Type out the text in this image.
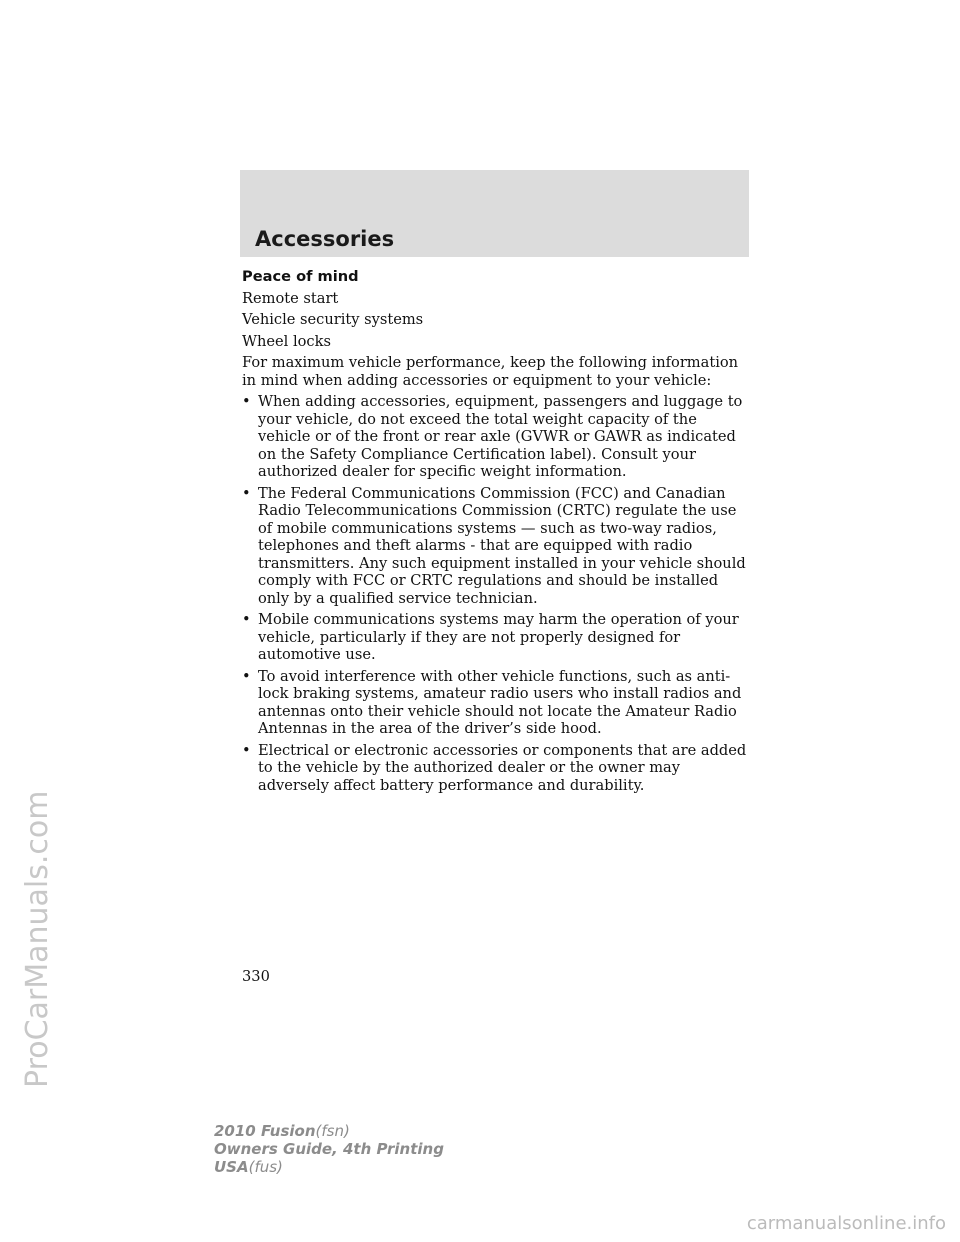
Accessories
Peace of mind
Remote start
Vehicle security systems
Wheel locks
For maximum vehicle performance, keep the following information in mind when adding accessories or equipment to your vehicle:
• When adding accessories, equipment, passengers and luggage to your vehicle, do not exceed the total weight capacity of the vehicle or of the front or rear axle (GVWR or GAWR as indicated on the Safety Compliance Certification label). Consult your authorized dealer for specific weight information.
• The Federal Communications Commission (FCC) and Canadian Radio Telecommunications Commission (CRTC) regulate the use of mobile communications systems — such as two-way radios, telephones and theft alarms - that are equipped with radio transmitters. Any such equipment installed in your vehicle should comply with FCC or CRTC regulations and should be installed only by a qualified service technician.
• Mobile communications systems may harm the operation of your vehicle, particularly if they are not properly designed for automotive use.
• To avoid interference with other vehicle functions, such as anti-lock braking systems, amateur radio users who install radios and antennas onto their vehicle should not locate the Amateur Radio Antennas in the area of the driver’s side hood.
• Electrical or electronic accessories or components that are added to the vehicle by the authorized dealer or the owner may adversely affect battery performance and durability.
330
2010 Fusion(fsn)
Owners Guide, 4th Printing
USA(fus)
ProCarManuals.com
carmanualsonline.info
